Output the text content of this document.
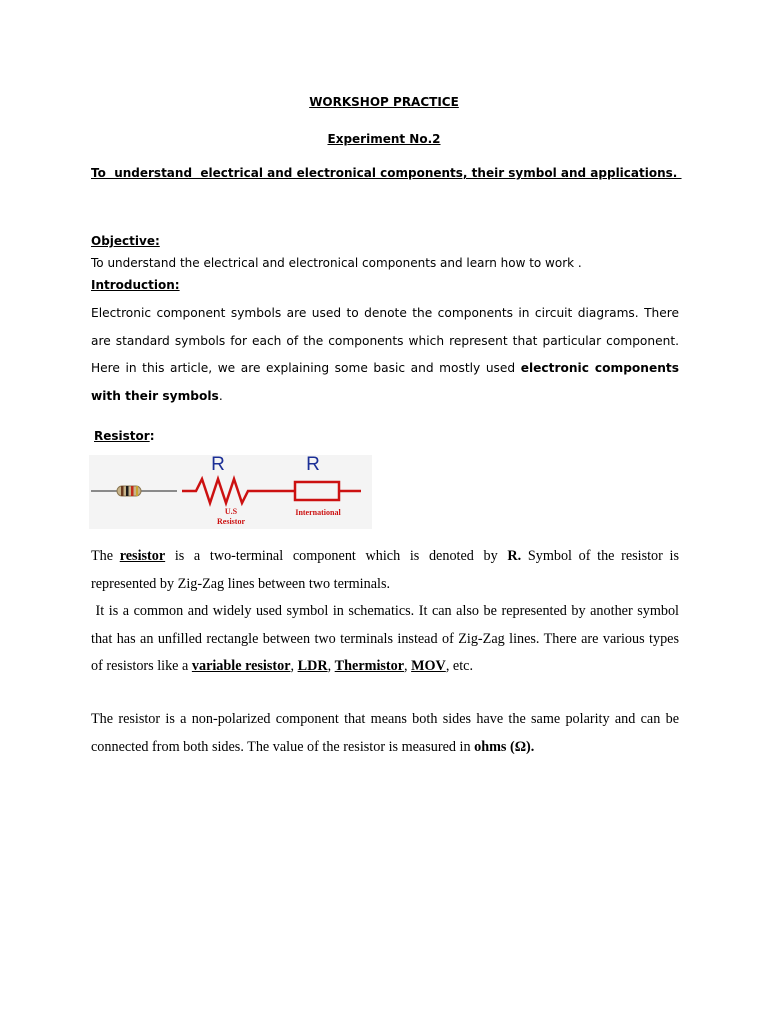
WORKSHOP PRACTICE
Experiment No.2
To  understand  electrical and electronical components, their symbol and applications.
Objective:
To understand the electrical and electronical components and learn how to work .
Introduction:
Electronic component symbols are used to denote the components in circuit diagrams. There are standard symbols for each of the components which represent that particular component. Here in this article, we are explaining some basic and mostly used electronic components with their symbols.
Resistor:
R	R
U.S
Resistor
International
The resistor is a two-terminal component which is denoted by R. Symbol of the resistor is represented by Zig-Zag lines between two terminals.
It is a common and widely used symbol in schematics. It can also be represented by another symbol that has an unfilled rectangle between two terminals instead of Zig-Zag lines. There are various types of resistors like a variable resistor, LDR, Thermistor, MOV, etc.
The resistor is a non-polarized component that means both sides have the same polarity and can be connected from both sides. The value of the resistor is measured in ohms (Ω).
